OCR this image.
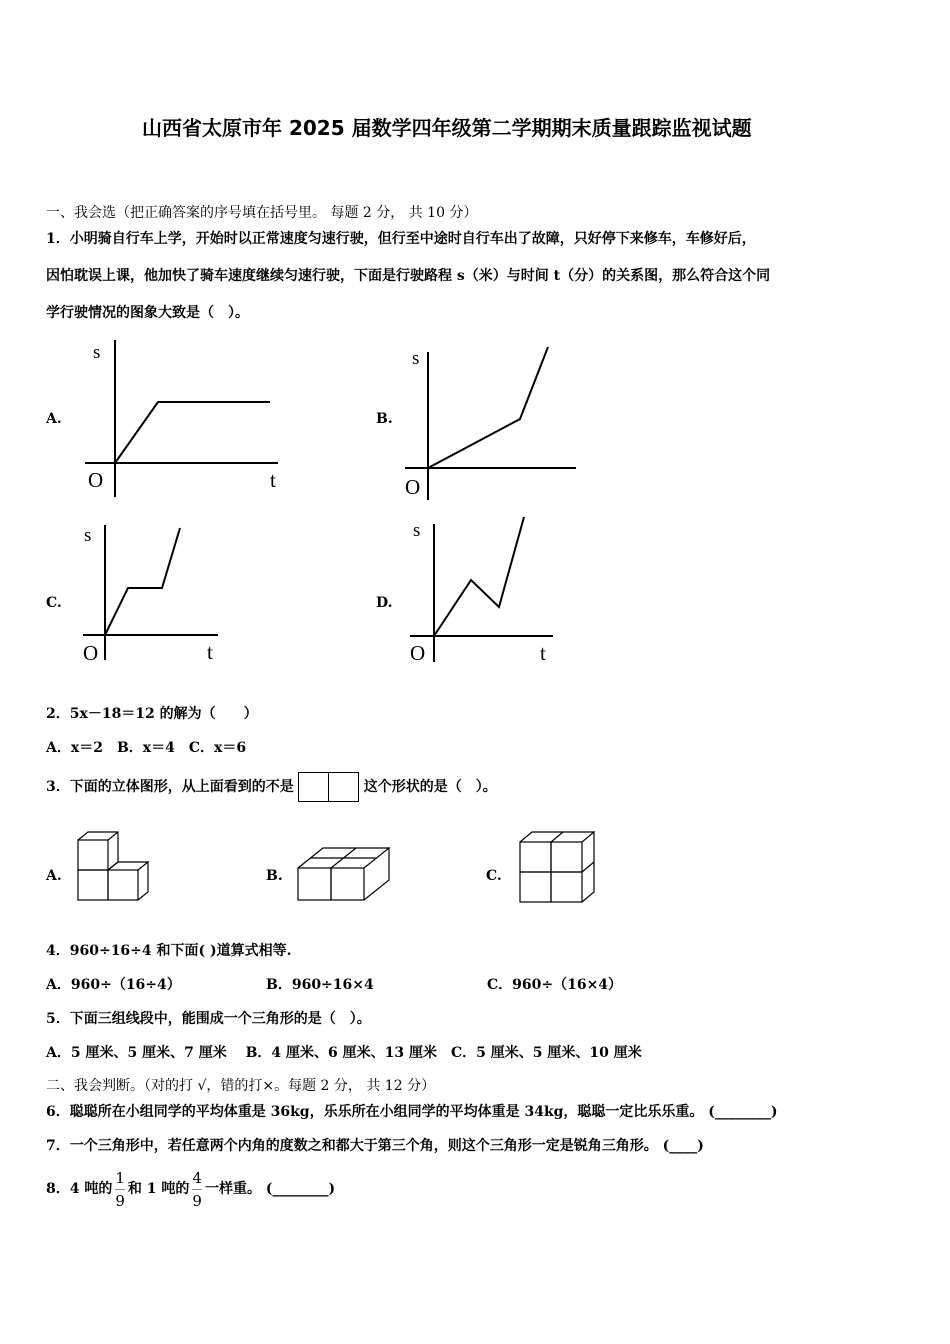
山西省太原市年 2025 届数学四年级第二学期期末质量跟踪监视试题
一、我会选（把正确答案的序号填在括号里。 每题 2 分， 共 10 分）
1．小明骑自行车上学，开始时以正常速度匀速行驶，但行至中途时自行车出了故障，只好停下来修车，车修好后，
因怕耽误上课，他加快了骑车速度继续匀速行驶，下面是行驶路程 s（米）与时间 t（分）的关系图，那么符合这个同
学行驶情况的图象大致是（　）。
A.
s
O	t
B.
s
O
C.
s
O	t
D.
s
O	t
2．5x－18＝12 的解为（　　）
A．x＝2　B．x＝4　C．x＝6
3．下面的立体图形，从上面看到的不是	这个形状的是（　）。
A.	B.	C.
4．960÷16÷4 和下面( )道算式相等.
A．960÷（16÷4）	B．960÷16×4	C．960÷（16×4）
5．下面三组线段中，能围成一个三角形的是（　）。
A．5 厘米、5 厘米、7 厘米　 B．4 厘米、6 厘米、13 厘米　C．5 厘米、5 厘米、10 厘米
二、我会判断。（对的打 √，错的打×。每题 2 分， 共 12 分）
6．聪聪所在小组同学的平均体重是 36kg，乐乐所在小组同学的平均体重是 34kg，聪聪一定比乐乐重。 (________)
7．一个三角形中，若任意两个内角的度数之和都大于第三个角，则这个三角形一定是锐角三角形。 (____)
8．4 吨的 $\frac{1}{9}$ 和 1 吨的 $\frac{4}{9}$ 一样重。 (________)
